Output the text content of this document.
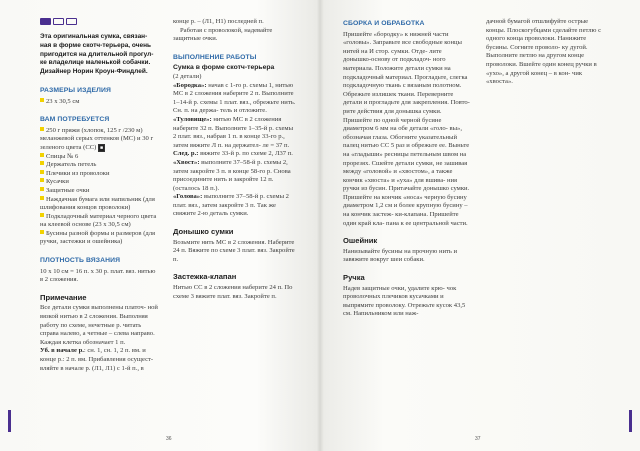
Эта оригинальная сумка, связан- ная в форме скотч-терьера, очень пригодится на длительной прогул- ке владелице маленькой собачки. Дизайнер Норин Кроун-Финдлей.

РАЗМЕРЫ ИЗДЕЛИЯ

23 x 30,5 см

ВАМ ПОТРЕБУЕТСЯ

250 г пряжи (хлопок, 125 г /230 м) меланжевой серых оттенков (МС) и 30 г зеленого цвета (СС) ■

Спицы № 6

Держатель петель

Плечики из проволоки

Кусачки

Защитные очки

Наждачная бумага или напильник (для шлифования концов проволоки)

Подкладочный материал черного цвета на клеевой основе (23 x 30,5 см)

Бусины разной формы и размеров (для ручки, застежки и ошейника)

ПЛОТНОСТЬ ВЯЗАНИЯ

10 x 10 см = 16 п. x 30 р. плат. вяз. нитью в 2 сложения.

Примечание

Все детали сумки выполнены платоч- ной вязкой нитью в 2 сложения. Выполняя работу по схеме, нечетные р. читать справа налево, а четные – слева направо. Каждая клетка обозначает 1 п.

Уб. в начале р.: сн. 1, сн. 1, 2 п. вм. и конце р.: 2 п. вм. Прибавления осущест- вляйте в начале р. (Л1, Л1) с 1-й п., в

конце р. – (Л1, Н1) последней п.

Работая с проволокой, надевайте защитные очки.

ВЫПОЛНЕНИЕ РАБОТЫ

Сумка в форме скотч-терьера

(2 детали)

«Бородка»: начав с 1-го р. схемы 1, нитью МС в 2 сложения наберите 2 п. Выполните 1–14-й р. схемы 1 плат. вяз., обрежьте нить. Сн. п. на держа- тель и отложите.

«Туловище»: нитью МС в 2 сложения наберите 32 п. Выполните 1–35-й р. схемы 2 плат. вяз., набрав 1 п. в конце 33-го р., затем вяжите Л п. на держател- ле = 37 п.

След. р.: вяжите 33-й р. по схеме 2, Л37 п.

«Хвост»: выполните 37–58-й р. схемы 2, затем закройте 3 п. в конце 58-го р. Снова присоедините нить и закройте 12 п. (осталось 18 п.).

«Голова»: выполните 37–58-й р. схемы 2 плат. вяз., затем закройте 3 п. Так же свяжите 2-ю деталь сумки.

Донышко сумки

Возьмите нить МС в 2 сложения. Наберите 24 п. Вяжите по схеме 3 плат. вяз. Закройте п.

Застежка-клапан

Нитью СС в 2 сложения наберите 24 п. По схеме 3 вяжите плат. вяз. Закройте п.

СБОРКА И ОБРАБОТКА

Пришейте «бородку» к нижней части «головы». Заправьте все свободные концы нитей на И стор. сумки. Отде- лите донышко-основу от подкладоч- ного материала. Положите детали сумки на подкладочный материал. Прогладьте, слегка подкладочную ткань с вязаным полотном. Обрежьте излишек ткани. Переверните детали и прогладьте для закрепления. Повто- рите действия для донышка сумки. Пришейте по одной черной бусине диаметром 6 мм на обе детали «голо- вы», обозначая глаза. Обогните указательный палец нитью СС 5 раз и обрежьте ее. Выньте на «гладыши» ресницы петельным швом на прорезях. Сшейте детали сумки, не зашивая между «головой» и «хвостом», а также кончик «хвоста» и «уха» для вшива- ния ручки из бусин. Притачайте донышко сумки. Пришейте на кончик «носа» черную бусину диаметром 1,2 см и более крупную бусину – на кончик застеж- ки-клапана. Пришейте один край кла- пана к ее центральной части.

Ошейник

Нанизывайте бусины на прочную нить и завяжите вокруг шеи собаки.

Ручка

Надев защитные очки, удалите крю- чок проволочных плечиков кусачками и выпрямите проволоку. Отрежьте кусок 43,5 см. Напильником или наж-

дачной бумагой отшлифуйте острые концы. Плоскогубцами сделайте петлю с одного конца проволоки. Нанижите бусины. Согните проволо- ку дугой. Выполните петлю на другом конце проволоки. Вшейте один конец ручки в «ухо», а другой конец – в кон- чик «хвоста».

36	37
